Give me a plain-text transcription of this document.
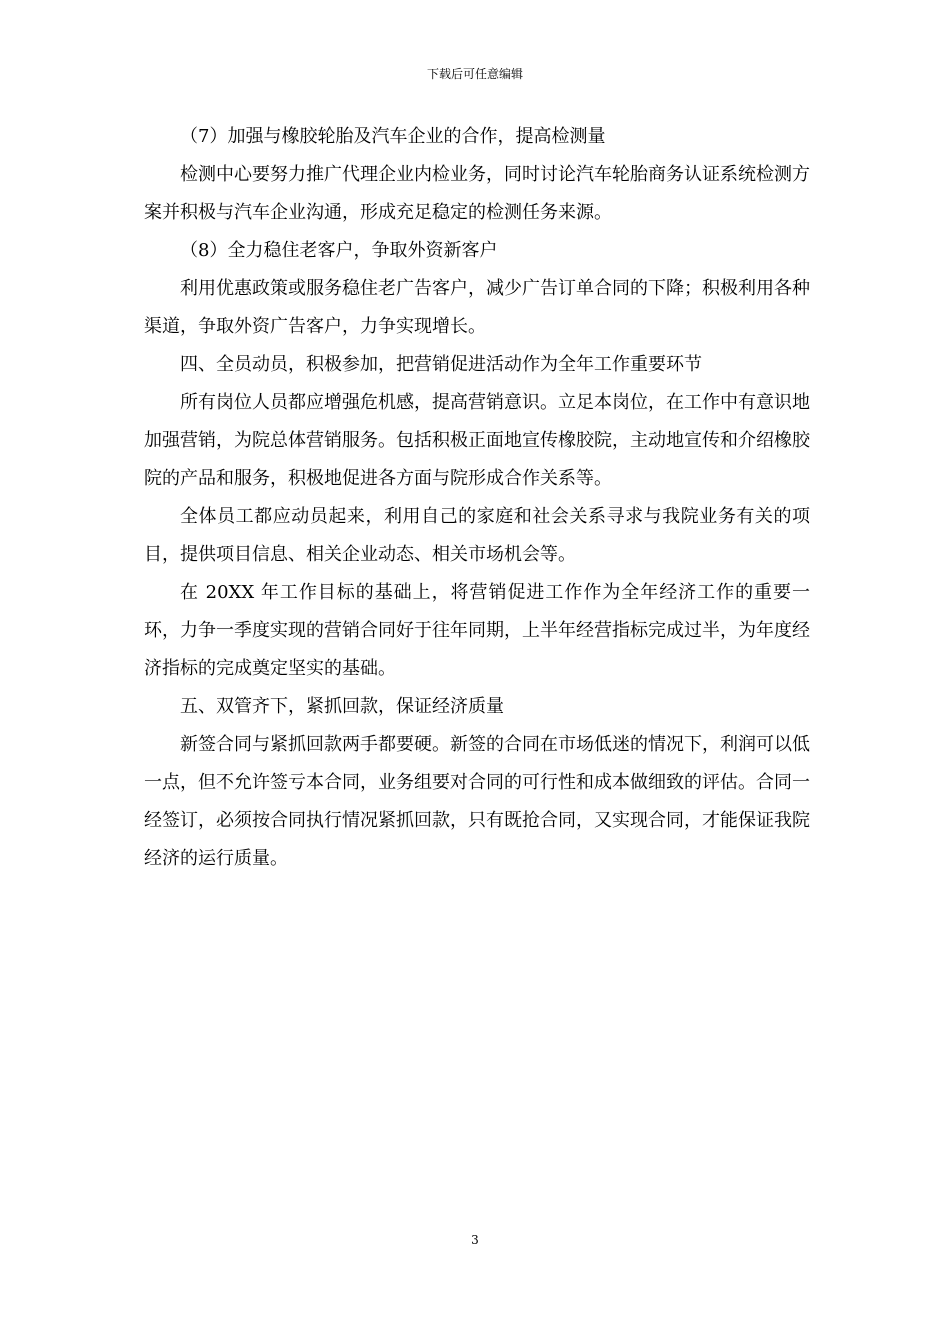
下载后可任意编辑

（7）加强与橡胶轮胎及汽车企业的合作，提高检测量

检测中心要努力推广代理企业内检业务，同时讨论汽车轮胎商务认证系统检测方案并积极与汽车企业沟通，形成充足稳定的检测任务来源。

（8）全力稳住老客户，争取外资新客户

利用优惠政策或服务稳住老广告客户，减少广告订单合同的下降；积极利用各种渠道，争取外资广告客户，力争实现增长。

四、全员动员，积极参加，把营销促进活动作为全年工作重要环节

所有岗位人员都应增强危机感，提高营销意识。立足本岗位，在工作中有意识地加强营销，为院总体营销服务。包括积极正面地宣传橡胶院，主动地宣传和介绍橡胶院的产品和服务，积极地促进各方面与院形成合作关系等。

全体员工都应动员起来，利用自己的家庭和社会关系寻求与我院业务有关的项目，提供项目信息、相关企业动态、相关市场机会等。

在 20XX 年工作目标的基础上，将营销促进工作作为全年经济工作的重要一环，力争一季度实现的营销合同好于往年同期，上半年经营指标完成过半，为年度经济指标的完成奠定坚实的基础。

五、双管齐下，紧抓回款，保证经济质量

新签合同与紧抓回款两手都要硬。新签的合同在市场低迷的情况下，利润可以低一点，但不允许签亏本合同，业务组要对合同的可行性和成本做细致的评估。合同一经签订，必须按合同执行情况紧抓回款，只有既抢合同，又实现合同，才能保证我院经济的运行质量。

3
